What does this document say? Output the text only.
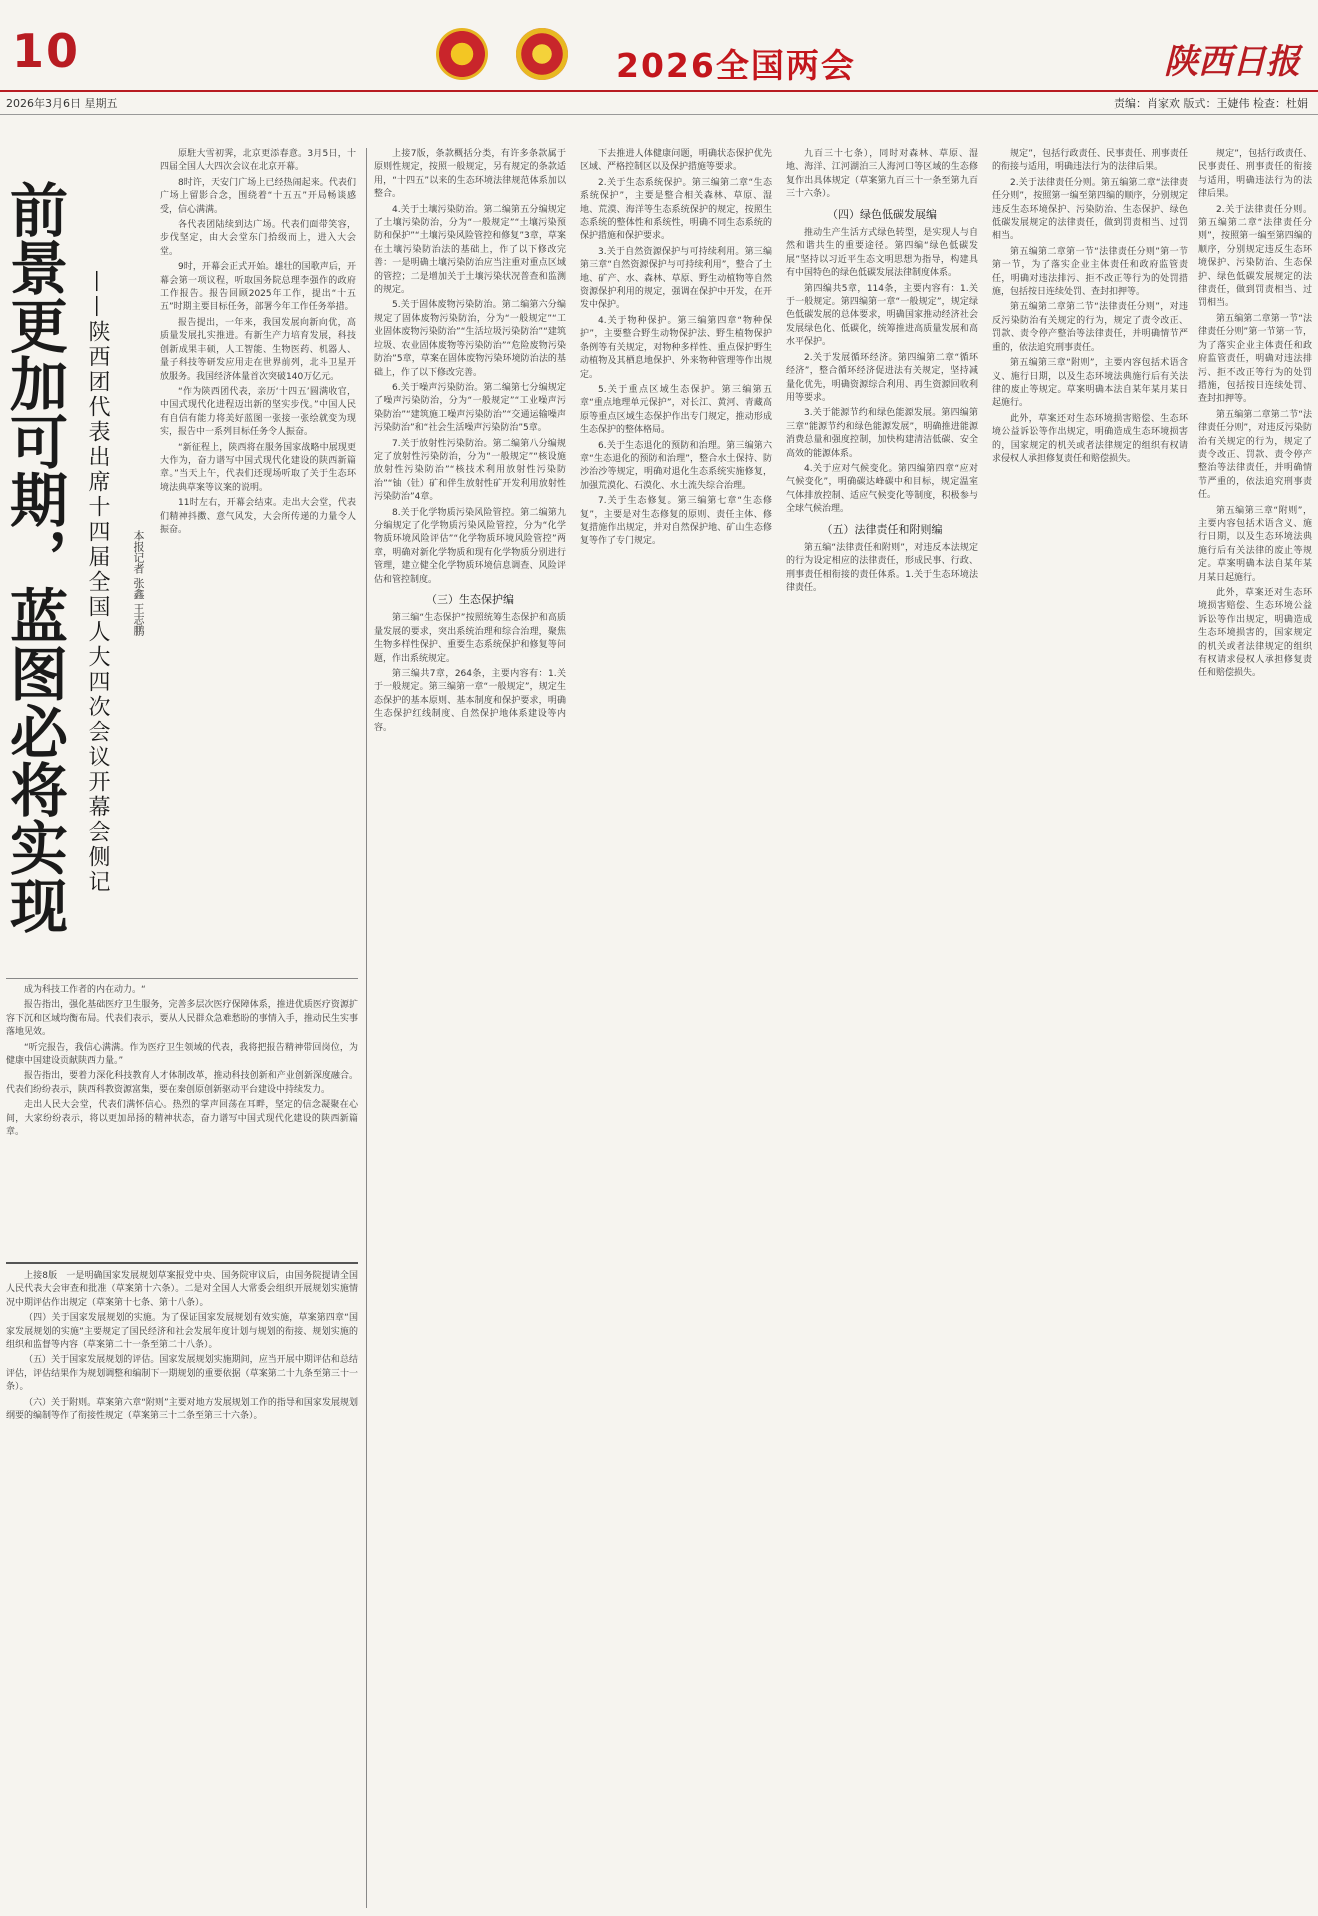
10	2026全国两会	陕西日报
2026年3月6日 星期五	责编：肖家欢 版式：王婕伟 检查：杜娟
前景更加可期，蓝图必将实现 ——陕西团代表出席十四届全国人大四次会议开幕会侧记 本报记者 张鑫 王志鹏

原駐大雪初霁，北京更添春意。3月5日，十四届全国人大四次会议在北京开幕。

8时许，天安门广场上已经热闹起来。代表们广场上留影合念，围绕着“十五五”开局畅谈感受，信心满满。

各代表团陆续到达广场。代表们面带笑容，步伐坚定，由大会堂东门拾级而上，进入大会堂。

9时，开幕会正式开始。雄壮的国歌声后，开幕会第一项议程，听取国务院总理李强作的政府工作报告。报告回顾2025年工作，提出“十五五”时期主要目标任务，部署今年工作任务举措。

报告提出，一年来，我国发展向新向优，高质量发展扎实推进。有新生产力培育发展，科技创新成果丰硕，人工智能、生物医药、机器人、量子科技等研发应用走在世界前列，北斗卫星开放服务。我国经济体量首次突破140万亿元。

“作为陕西团代表，亲历‘十四五’圆满收官，中国式现代化进程迈出新的坚实步伐。”中国人民有自信有能力将美好蓝图一张接一张绘就变为现实，报告中一系列目标任务令人振奋。

“新征程上，陕西将在服务国家战略中展现更大作为，奋力谱写中国式现代化建设的陕西新篇章。”当天上午，代表们还现场听取了关于生态环境法典草案等议案的说明。

11时左右，开幕会结束。走出大会堂，代表们精神抖擞、意气风发，大会所传递的力量令人振奋。

上接7版，条款概括分类，有许多条款属于原则性规定，按照一般规定，另有规定的条款适用，“十四五”以来的生态环境法律规范体系加以整合。

4.关于土壤污染防治。第二编第五分编规定了土壤污染防治，分为“一般规定”“土壤污染预防和保护”“土壤污染风险管控和修复”3章，草案在土壤污染防治法的基础上，作了以下修改完善：一是明确土壤污染防治应当注重对重点区域的管控；二是增加关于土壤污染状况普查和监测的规定。

5.关于固体废物污染防治。第二编第六分编规定了固体废物污染防治，分为“一般规定”“工业固体废物污染防治”“生活垃圾污染防治”“建筑垃圾、农业固体废物等污染防治”“危险废物污染防治”5章，草案在固体废物污染环境防治法的基础上，作了以下修改完善。

6.关于噪声污染防治。第二编第七分编规定了噪声污染防治，分为“一般规定”“工业噪声污染防治”“建筑施工噪声污染防治”“交通运输噪声污染防治”和“社会生活噪声污染防治”5章。

7.关于放射性污染防治。第二编第八分编规定了放射性污染防治，分为“一般规定”“核设施放射性污染防治”“核技术利用放射性污染防治”“铀（钍）矿和伴生放射性矿开发利用放射性污染防治”4章。

8.关于化学物质污染风险管控。第二编第九分编规定了化学物质污染风险管控，分为“化学物质环境风险评估”“化学物质环境风险管控”两章，明确对新化学物质和现有化学物质分别进行管理，建立健全化学物质环境信息调查、风险评估和管控制度。

（三）生态保护编

第三编“生态保护”按照统筹生态保护和高质量发展的要求，突出系统治理和综合治理，聚焦生物多样性保护、重要生态系统保护和修复等问题，作出系统规定。

第三编共7章，264条，主要内容有：1.关于一般规定。第三编第一章“一般规定”，规定生态保护的基本原则、基本制度和保护要求，明确生态保护红线制度、自然保护地体系建设等内容。

下去推进人体健康问题，明确状态保护优先区域、严格控制区以及保护措施等要求。

2.关于生态系统保护。第三编第二章“生态系统保护”，主要是整合相关森林、草原、湿地、荒漠、海洋等生态系统保护的规定，按照生态系统的整体性和系统性，明确不同生态系统的保护措施和保护要求。

3.关于自然资源保护与可持续利用。第三编第三章“自然资源保护与可持续利用”，整合了土地、矿产、水、森林、草原、野生动植物等自然资源保护利用的规定，强调在保护中开发，在开发中保护。

4.关于物种保护。第三编第四章“物种保护”，主要整合野生动物保护法、野生植物保护条例等有关规定，对物种多样性、重点保护野生动植物及其栖息地保护、外来物种管理等作出规定。

5.关于重点区域生态保护。第三编第五章“重点地理单元保护”，对长江、黄河、青藏高原等重点区域生态保护作出专门规定，推动形成生态保护的整体格局。

6.关于生态退化的预防和治理。第三编第六章“生态退化的预防和治理”，整合水土保持、防沙治沙等规定，明确对退化生态系统实施修复，加强荒漠化、石漠化、水土流失综合治理。

7.关于生态修复。第三编第七章“生态修复”，主要是对生态修复的原则、责任主体、修复措施作出规定，并对自然保护地、矿山生态修复等作了专门规定。

九百三十七条），同时对森林、草原、湿地、海洋、江河湖泊三人海河口等区域的生态修复作出具体规定（草案第九百三十一条至第九百三十六条）。

（四）绿色低碳发展编

推动生产生活方式绿色转型，是实现人与自然和谐共生的重要途径。第四编“绿色低碳发展”坚持以习近平生态文明思想为指导，构建具有中国特色的绿色低碳发展法律制度体系。

第四编共5章，114条，主要内容有：1.关于一般规定。第四编第一章“一般规定”，规定绿色低碳发展的总体要求，明确国家推动经济社会发展绿色化、低碳化，统筹推进高质量发展和高水平保护。

2.关于发展循环经济。第四编第二章“循环经济”，整合循环经济促进法有关规定，坚持减量化优先，明确资源综合利用、再生资源回收利用等要求。

3.关于能源节约和绿色能源发展。第四编第三章“能源节约和绿色能源发展”，明确推进能源消费总量和强度控制，加快构建清洁低碳、安全高效的能源体系。

4.关于应对气候变化。第四编第四章“应对气候变化”，明确碳达峰碳中和目标，规定温室气体排放控制、适应气候变化等制度，积极参与全球气候治理。

（五）法律责任和附则编

第五编“法律责任和附则”，对违反本法规定的行为设定相应的法律责任，形成民事、行政、刑事责任相衔接的责任体系。1.关于生态环境法律责任。

规定”，包括行政责任、民事责任、刑事责任的衔接与适用，明确违法行为的法律后果。

2.关于法律责任分则。第五编第二章“法律责任分则”，按照第一编至第四编的顺序，分别规定违反生态环境保护、污染防治、生态保护、绿色低碳发展规定的法律责任，做到罚责相当、过罚相当。

第五编第二章第一节“法律责任分则”第一节第一节，为了落实企业主体责任和政府监管责任，明确对违法排污、拒不改正等行为的处罚措施，包括按日连续处罚、查封扣押等。

第五编第二章第二节“法律责任分则”，对违反污染防治有关规定的行为，规定了责令改正、罚款、责令停产整治等法律责任，并明确情节严重的，依法追究刑事责任。

第五编第三章“附则”，主要内容包括术语含义、施行日期，以及生态环境法典施行后有关法律的废止等规定。草案明确本法自某年某月某日起施行。

此外，草案还对生态环境损害赔偿、生态环境公益诉讼等作出规定，明确造成生态环境损害的，国家规定的机关或者法律规定的组织有权请求侵权人承担修复责任和赔偿损失。

规定”，包括行政责任、民事责任、刑事责任的衔接与适用，明确违法行为的法律后果。

2.关于法律责任分则。第五编第二章“法律责任分则”，按照第一编至第四编的顺序，分别规定违反生态环境保护、污染防治、生态保护、绿色低碳发展规定的法律责任，做到罚责相当、过罚相当。

第五编第二章第一节“法律责任分则”第一节第一节，为了落实企业主体责任和政府监管责任，明确对违法排污、拒不改正等行为的处罚措施，包括按日连续处罚、查封扣押等。

第五编第二章第二节“法律责任分则”，对违反污染防治有关规定的行为，规定了责令改正、罚款、责令停产整治等法律责任，并明确情节严重的，依法追究刑事责任。

第五编第三章“附则”，主要内容包括术语含义、施行日期，以及生态环境法典施行后有关法律的废止等规定。草案明确本法自某年某月某日起施行。

此外，草案还对生态环境损害赔偿、生态环境公益诉讼等作出规定，明确造成生态环境损害的，国家规定的机关或者法律规定的组织有权请求侵权人承担修复责任和赔偿损失。

成为科技工作者的内在动力。“

报告指出，强化基础医疗卫生服务，完善多层次医疗保障体系，推进优质医疗资源扩容下沉和区域均衡布局。代表们表示，要从人民群众急难愁盼的事情入手，推动民生实事落地见效。

“听完报告，我信心满满。作为医疗卫生领域的代表，我将把报告精神带回岗位，为健康中国建设贡献陕西力量。”

报告指出，要着力深化科技教育人才体制改革，推动科技创新和产业创新深度融合。代表们纷纷表示，陕西科教资源富集，要在秦创原创新驱动平台建设中持续发力。

走出人民大会堂，代表们满怀信心。热烈的掌声回荡在耳畔，坚定的信念凝聚在心间，大家纷纷表示，将以更加昂扬的精神状态，奋力谱写中国式现代化建设的陕西新篇章。

上接8版　一是明确国家发展规划草案报党中央、国务院审议后，由国务院提请全国人民代表大会审查和批准（草案第十六条）。二是对全国人大常委会组织开展规划实施情况中期评估作出规定（草案第十七条、第十八条）。

（四）关于国家发展规划的实施。为了保证国家发展规划有效实施，草案第四章“国家发展规划的实施”主要规定了国民经济和社会发展年度计划与规划的衔接、规划实施的组织和监督等内容（草案第二十一条至第二十八条）。

（五）关于国家发展规划的评估。国家发展规划实施期间，应当开展中期评估和总结评估，评估结果作为规划调整和编制下一期规划的重要依据（草案第二十九条至第三十一条）。

（六）关于附则。草案第六章“附则”主要对地方发展规划工作的指导和国家发展规划纲要的编制等作了衔接性规定（草案第三十二条至第三十六条）。
